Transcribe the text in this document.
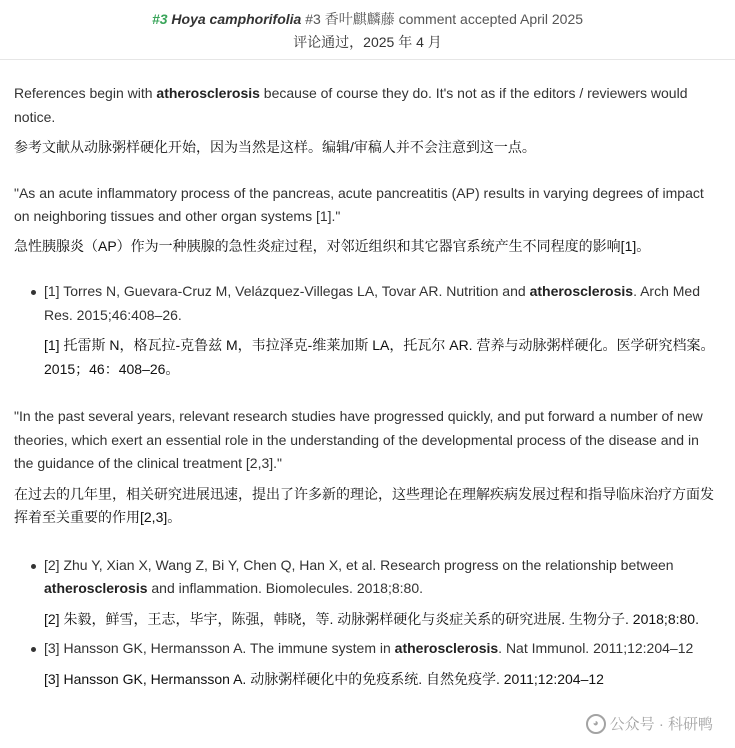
#3 Hoya camphorifolia #3 香叶麒麟藤 comment accepted April 2025
评论通过，2025 年 4 月

References begin with atherosclerosis because of course they do. It's not as if the editors / reviewers would notice.

参考文献从动脉粥样硬化开始，因为当然是这样。编辑/审稿人并不会注意到这一点。

"As an acute inflammatory process of the pancreas, acute pancreatitis (AP) results in varying degrees of impact on neighboring tissues and other organ systems [1]."

急性胰腺炎（AP）作为一种胰腺的急性炎症过程，对邻近组织和其它器官系统产生不同程度的影响[1]。

[1] Torres N, Guevara-Cruz M, Velázquez-Villegas LA, Tovar AR. Nutrition and atherosclerosis. Arch Med Res. 2015;46:408–26.

[1] 托雷斯 N，格瓦拉-克鲁兹 M，韦拉泽克-维莱加斯 LA，托瓦尔 AR. 营养与动脉粥样硬化。医学研究档案。2015；46：408–26。

"In the past several years, relevant research studies have progressed quickly, and put forward a number of new theories, which exert an essential role in the understanding of the developmental process of the disease and in the guidance of the clinical treatment [2,3]."

在过去的几年里，相关研究进展迅速，提出了许多新的理论，这些理论在理解疾病发展过程和指导临床治疗方面发挥着至关重要的作用[2,3]。

[2] Zhu Y, Xian X, Wang Z, Bi Y, Chen Q, Han X, et al. Research progress on the relationship between atherosclerosis and inflammation. Biomolecules. 2018;8:80.

[2] 朱毅，鲜雪，王志，毕宇，陈强，韩晓，等. 动脉粥样硬化与炎症关系的研究进展. 生物分子. 2018;8:80.

[3] Hansson GK, Hermansson A. The immune system in atherosclerosis. Nat Immunol. 2011;12:204–12

[3] Hansson GK, Hermansson A. 动脉粥样硬化中的免疫系统. 自然免疫学. 2011;12:204–12

◕ 公众号 · 科研鸭
